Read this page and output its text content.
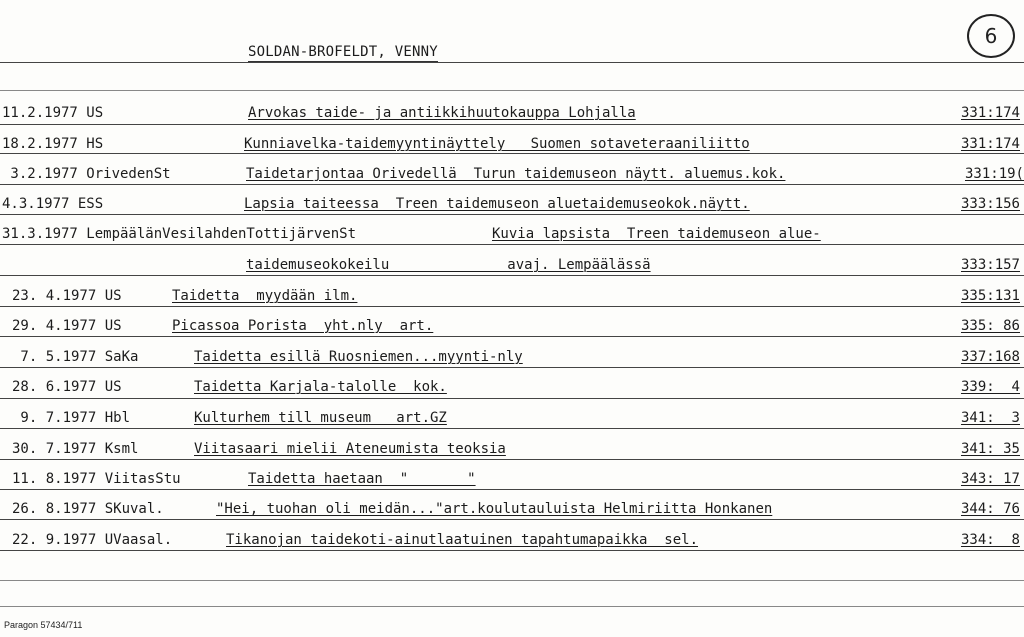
6
SOLDAN-BROFELDT, VENNY
11.2.1977 US	Arvokas taide- ja antiikkihuutokauppa Lohjalla	331:174
18.2.1977 HS	Kunniavelka-taidemyyntinäyttely   Suomen sotaveteraaniliitto	331:174
3.2.1977 OrivedenSt	Taidetarjontaa Orivedellä  Turun taidemuseon näytt. aluemus.kok.	331:19(
4.3.1977 ESS	Lapsia taiteessa  Treen taidemuseon aluetaidemuseokok.näytt.	333:156
31.3.1977 LempäälänVesilahdenTottijärvenSt	Kuvia lapsista  Treen taidemuseon alue-
taidemuseokokeilu              avaj. Lempäälässä	333:157
23. 4.1977 US	Taidetta  myydään ilm.	335:131
29. 4.1977 US	Picassoa Porista  yht.nly  art.	335: 86
7. 5.1977 SaKa	Taidetta esillä Ruosniemen...myynti-nly	337:168
28. 6.1977 US	Taidetta Karjala-talolle  kok.	339:  4
9. 7.1977 Hbl	Kulturhem till museum   art.GZ	341:  3
30. 7.1977 Ksml	Viitasaari mielii Ateneumista teoksia	341: 35
11. 8.1977 ViitasStu	Taidetta haetaan  "       "	343: 17
26. 8.1977 SKuval.	"Hei, tuohan oli meidän..."art.koulutauluista Helmiriitta Honkanen	344: 76
22. 9.1977 UVaasal.	Tikanojan taidekoti-ainutlaatuinen tapahtumapaikka  sel.	334:  8
Paragon 57434/711
